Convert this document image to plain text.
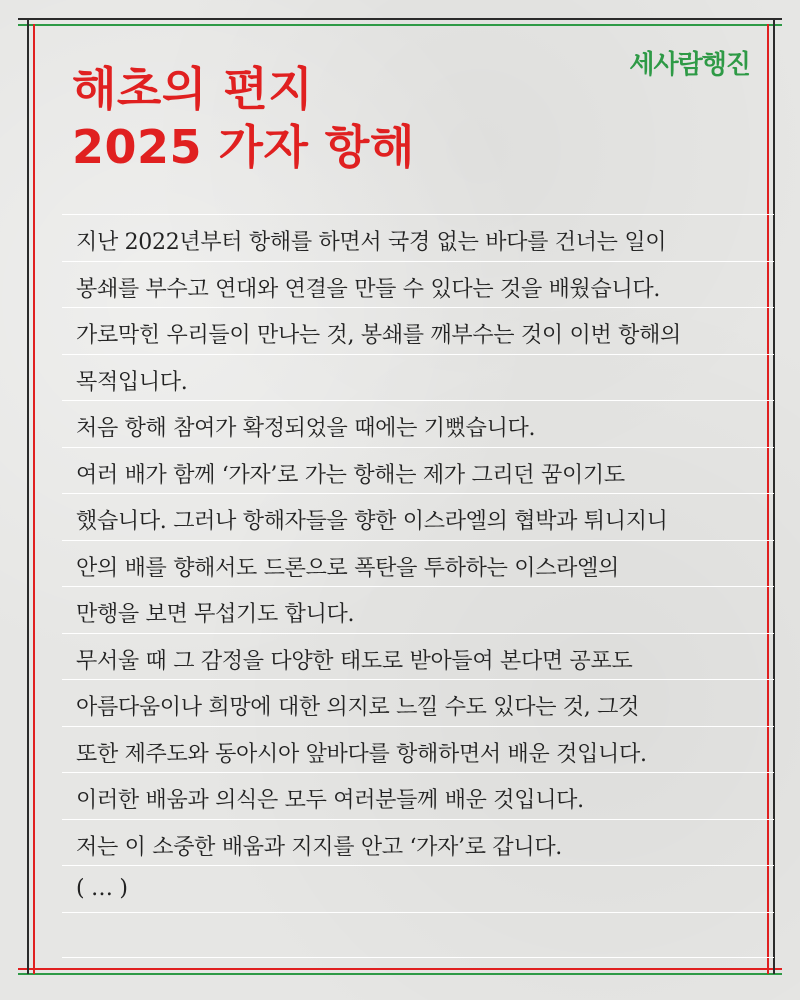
세사람행진
해초의 편지
2025 가자 항해
지난 2022년부터 항해를 하면서 국경 없는 바다를 건너는 일이
봉쇄를 부수고 연대와 연결을 만들 수 있다는 것을 배웠습니다.
가로막힌 우리들이 만나는 것, 봉쇄를 깨부수는 것이 이번 항해의
목적입니다.
처음 항해 참여가 확정되었을 때에는 기뻤습니다.
여러 배가 함께 ‘가자’로 가는 항해는 제가 그리던 꿈이기도
했습니다. 그러나 항해자들을 향한 이스라엘의 협박과 튀니지니
안의 배를 향해서도 드론으로 폭탄을 투하하는 이스라엘의
만행을 보면 무섭기도 합니다.
무서울 때 그 감정을 다양한 태도로 받아들여 본다면 공포도
아름다움이나 희망에 대한 의지로 느낄 수도 있다는 것, 그것
또한 제주도와 동아시아 앞바다를 항해하면서 배운 것입니다.
이러한 배움과 의식은 모두 여러분들께 배운 것입니다.
저는 이 소중한 배움과 지지를 안고 ‘가자’로 갑니다.
( … )
